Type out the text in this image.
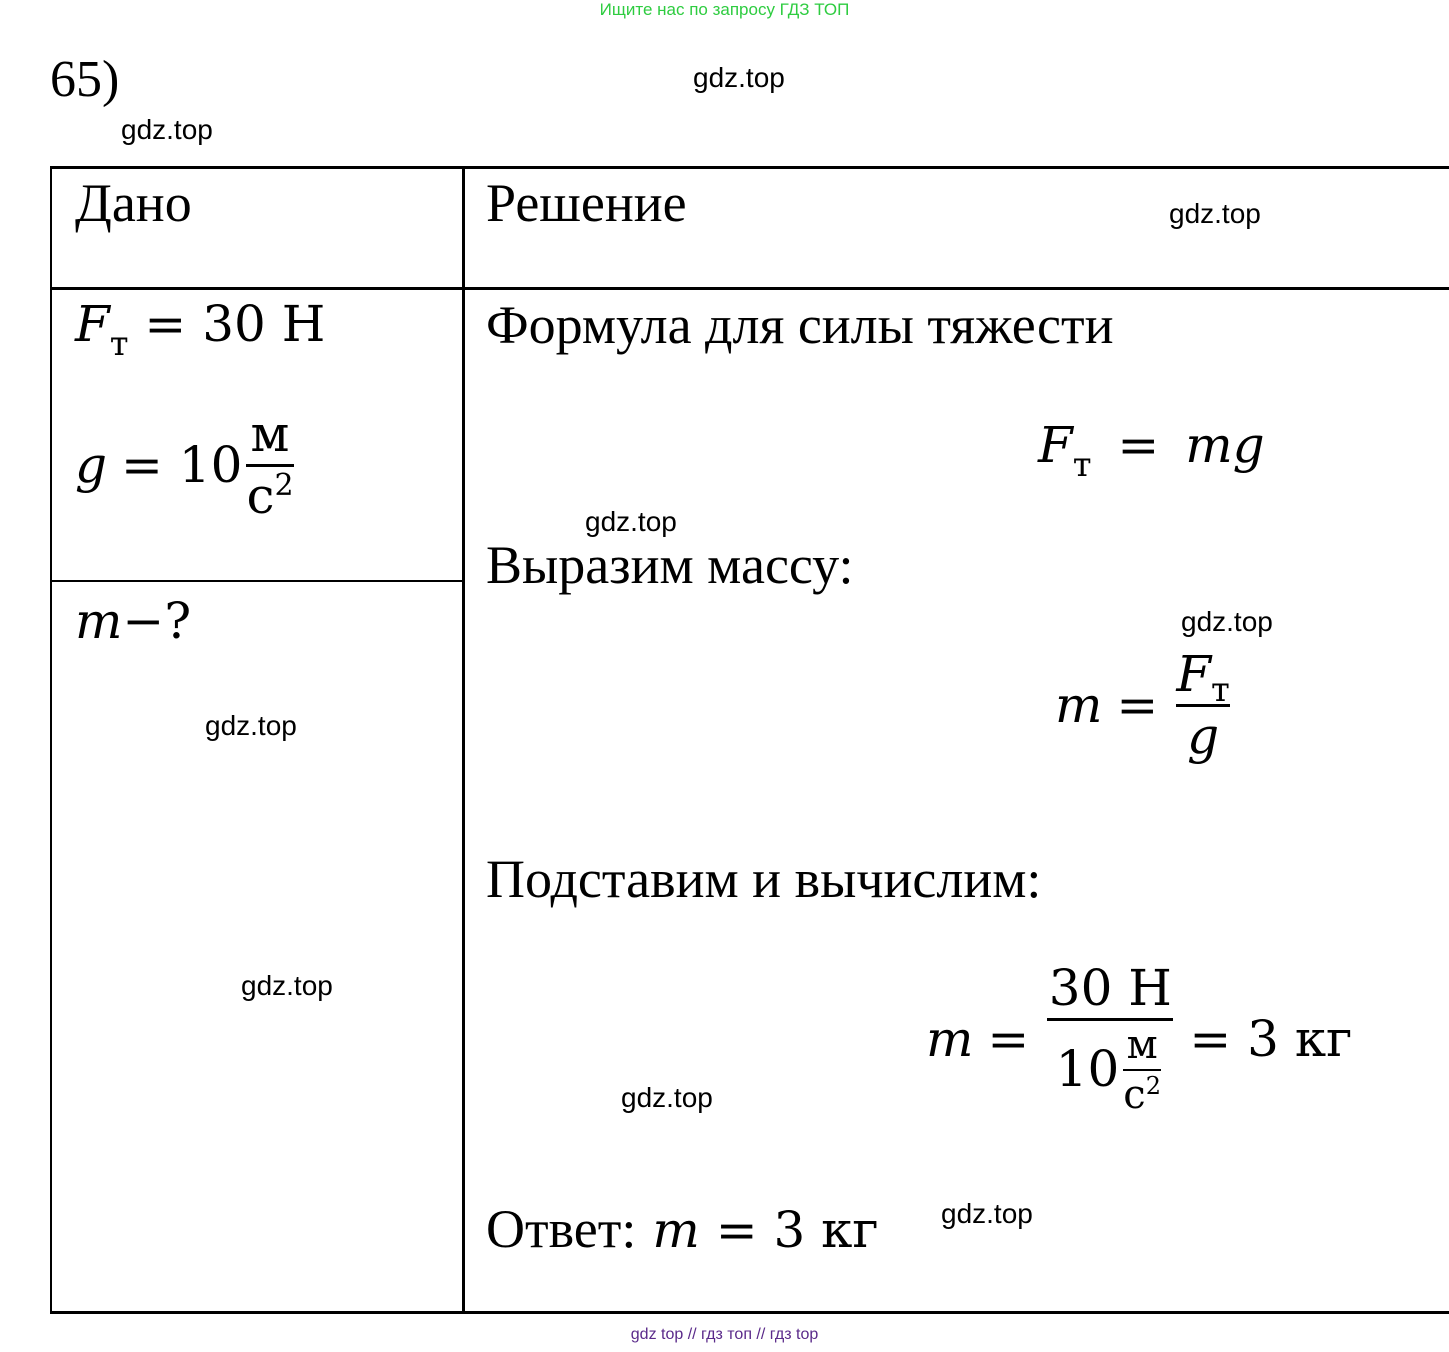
Ищите нас по запросу ГДЗ ТОП
65)	gdz.top
gdz.top
gdz.top
gdz.top
gdz.top
gdz.top
gdz.top
gdz.top
gdz.top
Дано	Решение
$F_т = 30$ Н
$g = 10 \frac{м}{с^2}$
m−?
Формула для силы тяжести
$F_т$ = mg
Выразим массу:
$m = \frac{F_т}{g}$
Подставим и вычислим:
$m = \frac{30 Н}{10 \frac{м}{с^2}} = 3$ кг
Ответ: m = 3 кг
gdz top // гдз топ // гдз top
